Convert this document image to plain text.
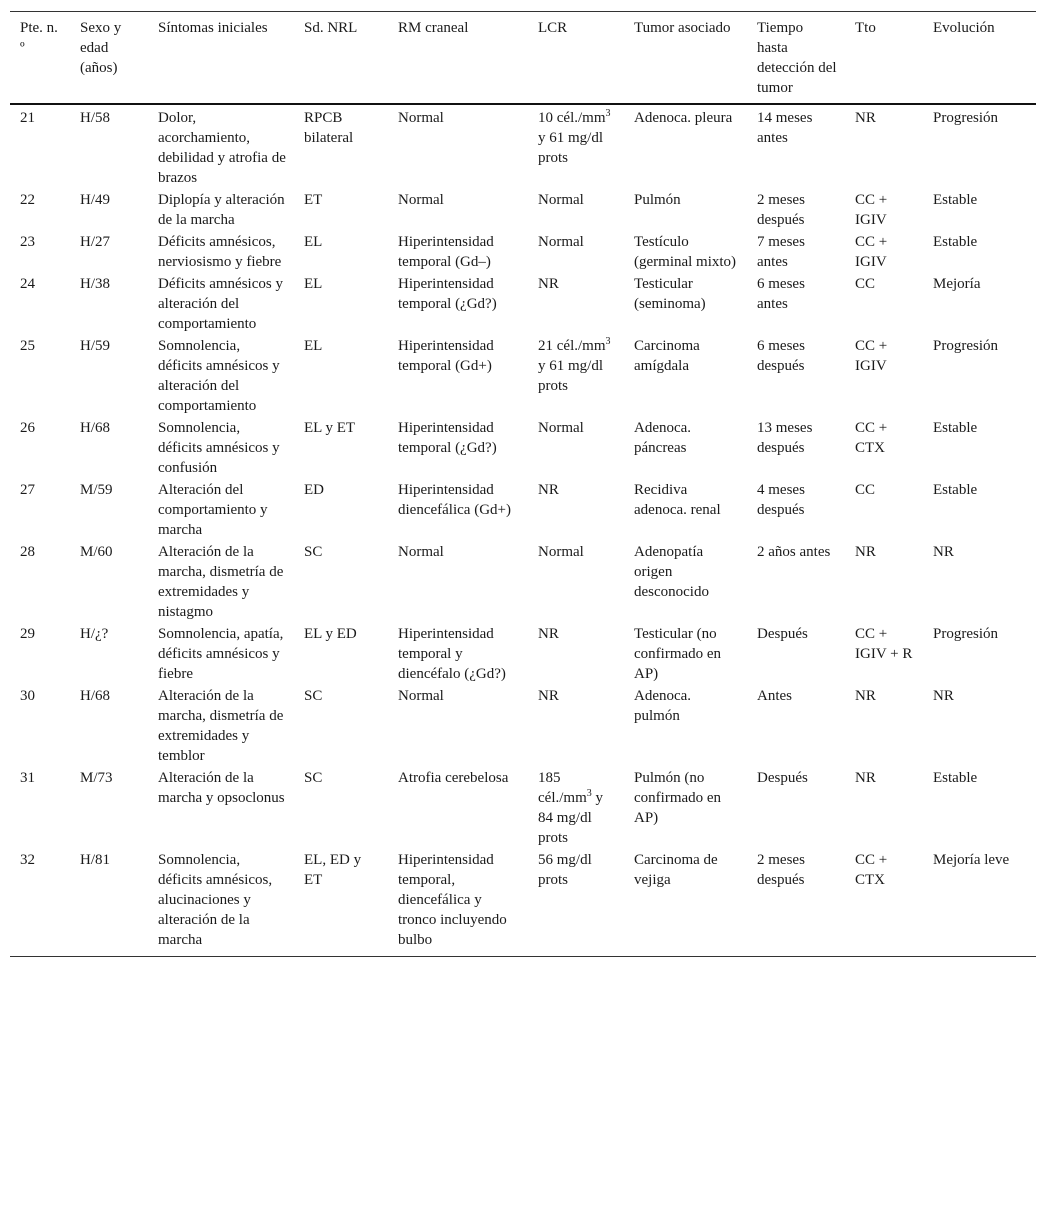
Pte. n. º	Sexo y edad (años)	Síntomas iniciales	Sd. NRL	RM craneal	LCR	Tumor asociado	Tiempo hasta detección del tumor	Tto	Evolución
21	H/58	Dolor, acorchamiento, debilidad y atrofia de brazos	RPCB bilateral	Normal	10 $cél./mm^3$ y 61 mg/dl prots	Adenoca. pleura	14 meses antes	NR	Progresión
22	H/49	Diplopía y alteración de la marcha	ET	Normal	Normal	Pulmón	2 meses después	CC + IGIV	Estable
23	H/27	Déficits amnésicos, nerviosismo y fiebre	EL	Hiperintensidad temporal (Gd–)	Normal	Testículo (germinal mixto)	7 meses antes	CC + IGIV	Estable
24	H/38	Déficits amnésicos y alteración del comportamiento	EL	Hiperintensidad temporal (¿Gd?)	NR	Testicular (seminoma)	6 meses antes	CC	Mejoría
25	H/59	Somnolencia, déficits amnésicos y alteración del comportamiento	EL	Hiperintensidad temporal (Gd+)	21 $cél./mm^3$ y 61 mg/dl prots	Carcinoma amígdala	6 meses después	CC + IGIV	Progresión
26	H/68	Somnolencia, déficits amnésicos y confusión	EL y ET	Hiperintensidad temporal (¿Gd?)	Normal	Adenoca. páncreas	13 meses después	CC + CTX	Estable
27	M/59	Alteración del comportamiento y marcha	ED	Hiperintensidad diencefálica (Gd+)	NR	Recidiva adenoca. renal	4 meses después	CC	Estable
28	M/60	Alteración de la marcha, dismetría de extremidades y nistagmo	SC	Normal	Normal	Adenopatía origen desconocido	2 años antes	NR	NR
29	H/¿?	Somnolencia, apatía, déficits amnésicos y fiebre	EL y ED	Hiperintensidad temporal y diencéfalo (¿Gd?)	NR	Testicular (no confirmado en AP)	Después	CC + IGIV + R	Progresión
30	H/68	Alteración de la marcha, dismetría de extremidades y temblor	SC	Normal	NR	Adenoca. pulmón	Antes	NR	NR
31	M/73	Alteración de la marcha y opsoclonus	SC	Atrofia cerebelosa	185 $cél./mm^3$ y 84 mg/dl prots	Pulmón (no confirmado en AP)	Después	NR	Estable
32	H/81	Somnolencia, déficits amnésicos, alucinaciones y alteración de la marcha	EL, ED y ET	Hiperintensidad temporal, diencefálica y tronco incluyendo bulbo	56 mg/dl prots	Carcinoma de vejiga	2 meses después	CC + CTX	Mejoría leve
